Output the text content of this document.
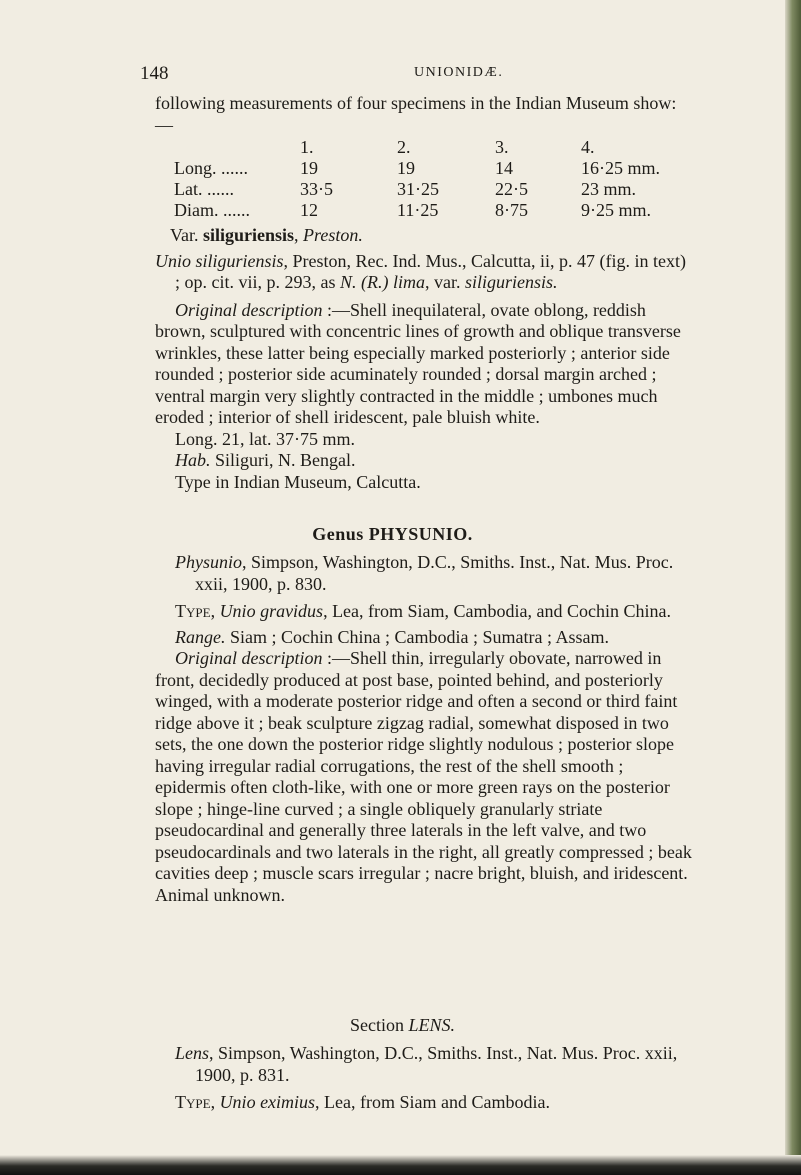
148	UNIONIDÆ.

following measurements of four specimens in the Indian Museum show:—

	1.	2.	3.	4.
Long. ......	19	19	14	16·25 mm.
Lat. ......	33·5	31·25	22·5	23 mm.
Diam. ......	12	11·25	8·75	9·25 mm.

Var. siliguriensis, Preston.

Unio siliguriensis, Preston, Rec. Ind. Mus., Calcutta, ii, p. 47 (fig. in text) ; op. cit. vii, p. 293, as N. (R.) lima, var. siliguriensis.

Original description :—Shell inequilateral, ovate oblong, reddish brown, sculptured with concentric lines of growth and oblique transverse wrinkles, these latter being especially marked posteriorly ; anterior side rounded ; posterior side acuminately rounded ; dorsal margin arched ; ventral margin very slightly contracted in the middle ; umbones much eroded ; interior of shell iridescent, pale bluish white.

Long. 21, lat. 37·75 mm.

Hab. Siliguri, N. Bengal.

Type in Indian Museum, Calcutta.

Genus PHYSUNIO.

Physunio, Simpson, Washington, D.C., Smiths. Inst., Nat. Mus. Proc. xxii, 1900, p. 830.

Type, Unio gravidus, Lea, from Siam, Cambodia, and Cochin China.

Range. Siam ; Cochin China ; Cambodia ; Sumatra ; Assam.

Original description :—Shell thin, irregularly obovate, narrowed in front, decidedly produced at post base, pointed behind, and posteriorly winged, with a moderate posterior ridge and often a second or third faint ridge above it ; beak sculpture zigzag radial, somewhat disposed in two sets, the one down the posterior ridge slightly nodulous ; posterior slope having irregular radial corrugations, the rest of the shell smooth ; epidermis often cloth-like, with one or more green rays on the posterior slope ; hinge-line curved ; a single obliquely granularly striate pseudocardinal and generally three laterals in the left valve, and two pseudocardinals and two laterals in the right, all greatly compressed ; beak cavities deep ; muscle scars irregular ; nacre bright, bluish, and iridescent. Animal unknown.

Section LENS.

Lens, Simpson, Washington, D.C., Smiths. Inst., Nat. Mus. Proc. xxii, 1900, p. 831.

Type, Unio eximius, Lea, from Siam and Cambodia.
